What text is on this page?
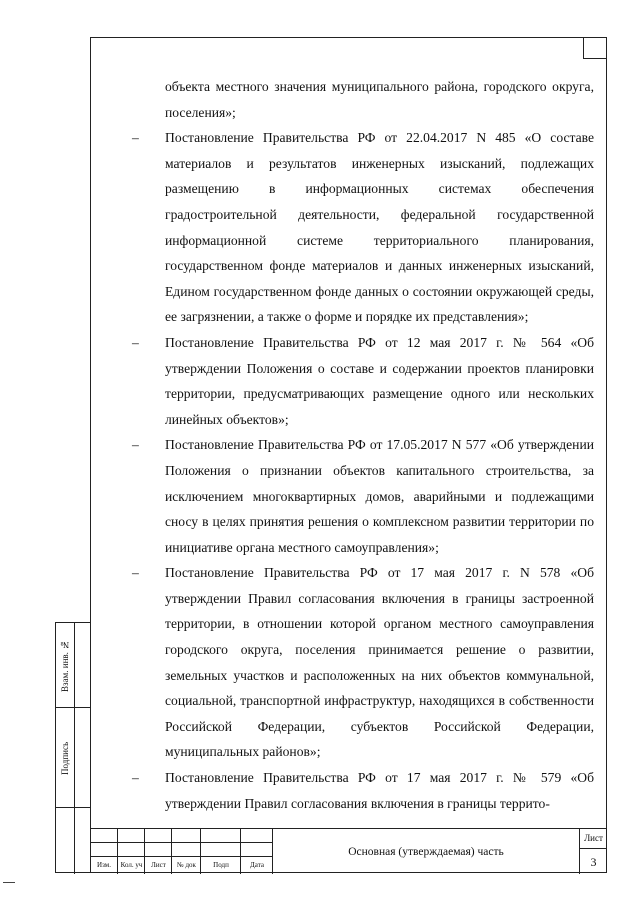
объекта местного значения муниципального района, городского округа, поселения»;

– Постановление Правительства РФ от 22.04.2017 N 485 «О составе материалов и результатов инженерных изысканий, подлежащих размещению в информационных системах обеспечения градостроительной деятельности, федеральной государственной информационной системе территориального планирования, государственном фонде материалов и данных инженерных изысканий, Едином государственном фонде данных о состоянии окружающей среды, ее загрязнении, а также о форме и порядке их представления»;

– Постановление Правительства РФ от 12 мая 2017 г. № 564 «Об утверждении Положения о составе и содержании проектов планировки территории, предусматривающих размещение одного или нескольких линейных объектов»;

– Постановление Правительства РФ от 17.05.2017 N 577 «Об утверждении Положения о признании объектов капитального строительства, за исключением многоквартирных домов, аварийными и подлежащими сносу в целях принятия решения о комплексном развитии территории по инициативе органа местного самоуправления»;

– Постановление Правительства РФ от 17 мая 2017 г. N 578 «Об утверждении Правил согласования включения в границы застроенной территории, в отношении которой органом местного самоуправления городского округа, поселения принимается решение о развитии, земельных участков и расположенных на них объектов коммунальной, социальной, транспортной инфраструктур, находящихся в собственности Российской Федерации, субъектов Российской Федерации, муниципальных районов»;

– Постановление Правительства РФ от 17 мая 2017 г. № 579 «Об утверждении Правил согласования включения в границы террито-

Взам. инв. №
Подпись
Изм.	Кол. уч	Лист	№ док	Подп	Дата
Основная (утверждаемая) часть
Лист
3
